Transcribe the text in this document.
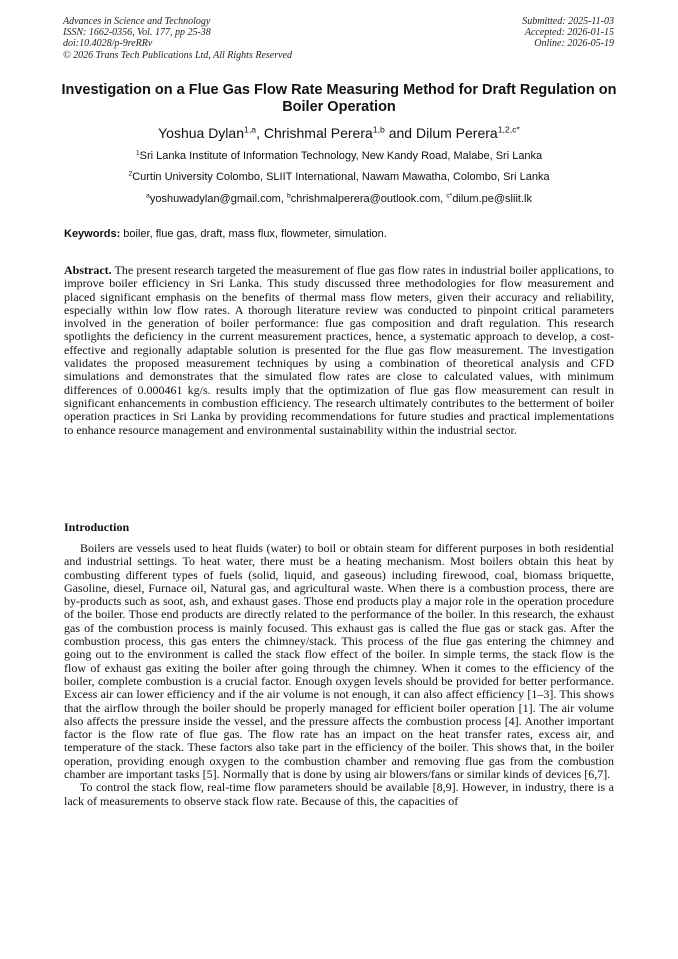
Advances in Science and Technology
ISSN: 1662-0356, Vol. 177, pp 25-38
doi:10.4028/p-9reRRv
© 2026 Trans Tech Publications Ltd, All Rights Reserved
Submitted: 2025-11-03
Accepted: 2026-01-15
Online: 2026-05-19
Investigation on a Flue Gas Flow Rate Measuring Method for Draft Regulation on Boiler Operation
Yoshua Dylan$^{1,a}$, Chrishmal Perera$^{1,b}$ and Dilum Perera$^{1,2,c*}$
$^1$Sri Lanka Institute of Information Technology, New Kandy Road, Malabe, Sri Lanka
$^2$Curtin University Colombo, SLIIT International, Nawam Mawatha, Colombo, Sri Lanka
$^a$yoshuwadylan@gmail.com, $^b$chrishmalperera@outlook.com, $^{c*}$dilum.pe@sliit.lk
Keywords: boiler, flue gas, draft, mass flux, flowmeter, simulation.

Abstract. The present research targeted the measurement of flue gas flow rates in industrial boiler applications, to improve boiler efficiency in Sri Lanka. This study discussed three methodologies for flow measurement and placed significant emphasis on the benefits of thermal mass flow meters, given their accuracy and reliability, especially within low flow rates. A thorough literature review was conducted to pinpoint critical parameters involved in the generation of boiler performance: flue gas composition and draft regulation. This research spotlights the deficiency in the current measurement practices, hence, a systematic approach to develop, a cost-effective and regionally adaptable solution is presented for the flue gas flow measurement. The investigation validates the proposed measurement techniques by using a combination of theoretical analysis and CFD simulations and demonstrates that the simulated flow rates are close to calculated values, with minimum differences of 0.000461 kg/s. results imply that the optimization of flue gas flow measurement can result in significant enhancements in combustion efficiency. The research ultimately contributes to the betterment of boiler operation practices in Sri Lanka by providing recommendations for future studies and practical implementations to enhance resource management and environmental sustainability within the industrial sector.

Introduction

Boilers are vessels used to heat fluids (water) to boil or obtain steam for different purposes in both residential and industrial settings. To heat water, there must be a heating mechanism. Most boilers obtain this heat by combusting different types of fuels (solid, liquid, and gaseous) including firewood, coal, biomass briquette, Gasoline, diesel, Furnace oil, Natural gas, and agricultural waste. When there is a combustion process, there are by-products such as soot, ash, and exhaust gases. Those end products play a major role in the operation procedure of the boiler. Those end products are directly related to the performance of the boiler. In this research, the exhaust gas of the combustion process is mainly focused. This exhaust gas is called the flue gas or stack gas. After the combustion process, this gas enters the chimney/stack. This process of the flue gas entering the chimney and going out to the environment is called the stack flow effect of the boiler. In simple terms, the stack flow is the flow of exhaust gas exiting the boiler after going through the chimney. When it comes to the efficiency of the boiler, complete combustion is a crucial factor. Enough oxygen levels should be provided for better performance. Excess air can lower efficiency and if the air volume is not enough, it can also affect efficiency [1–3]. This shows that the airflow through the boiler should be properly managed for efficient boiler operation [1]. The air volume also affects the pressure inside the vessel, and the pressure affects the combustion process [4]. Another important factor is the flow rate of flue gas. The flow rate has an impact on the heat transfer rates, excess air, and temperature of the stack. These factors also take part in the efficiency of the boiler. This shows that, in the boiler operation, providing enough oxygen to the combustion chamber and removing flue gas from the combustion chamber are important tasks [5]. Normally that is done by using air blowers/fans or similar kinds of devices [6,7].

To control the stack flow, real-time flow parameters should be available [8,9]. However, in industry, there is a lack of measurements to observe stack flow rate. Because of this, the capacities of
